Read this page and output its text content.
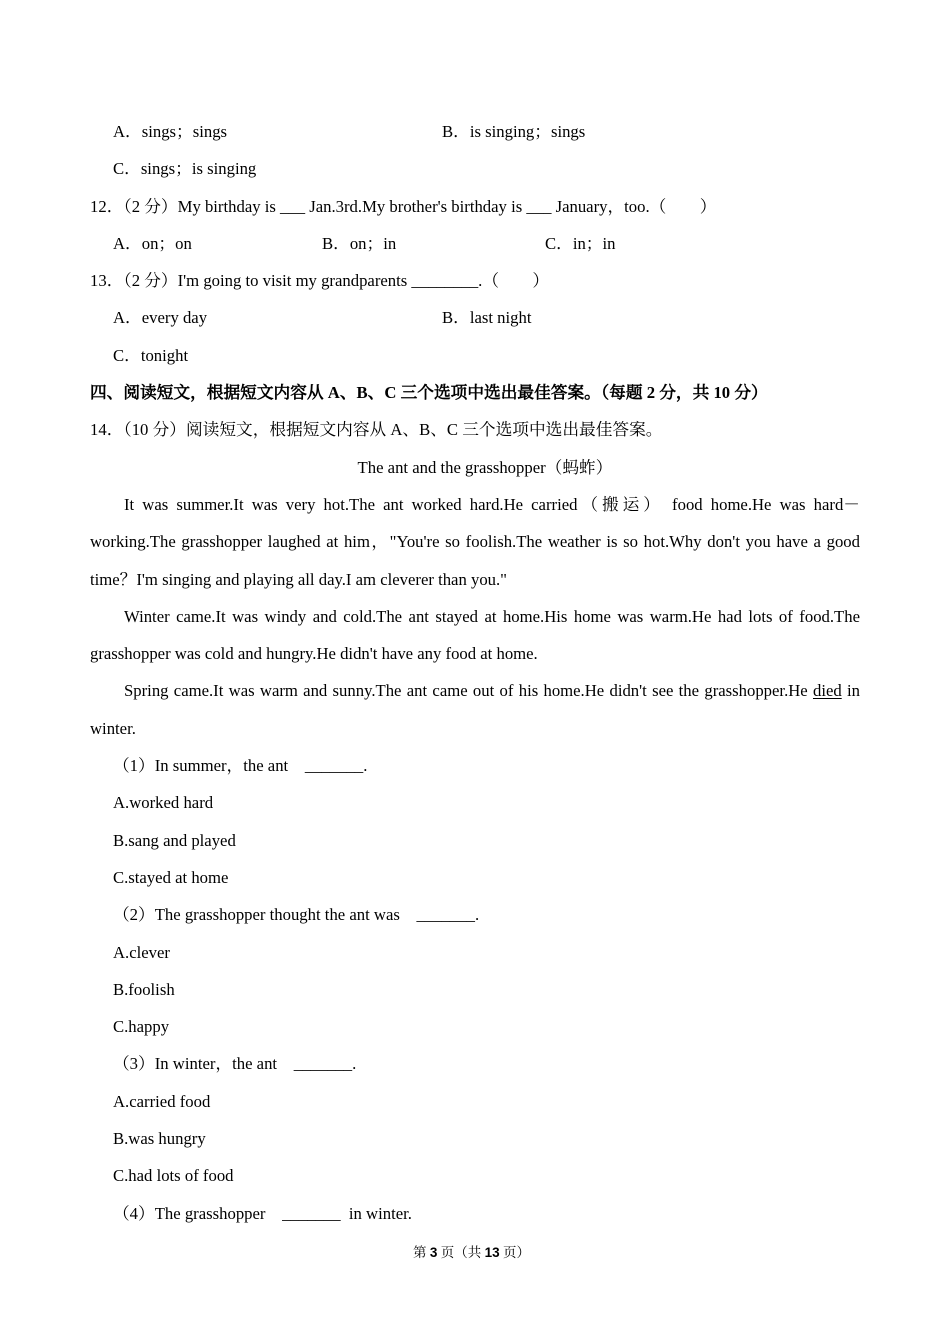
A．sings；sings	B．is singing；sings
C．sings；is singing
12．（2 分）My birthday is ___ Jan.3rd.My brother's birthday is ___ January，too.（　　）
A．on；on	B．on；in	C．in；in
13．（2 分）I'm going to visit my grandparents ________.（　　）
A．every day	B．last night
C．tonight
四、阅读短文，根据短文内容从 A、B、C 三个选项中选出最佳答案。（每题 2 分，共 10 分）
14．（10 分）阅读短文，根据短文内容从 A、B、C 三个选项中选出最佳答案。
The ant and the grasshopper（蚂蚱）
It was summer.It was very hot.The ant worked hard.He carried（搬运） food home.He was hard－
working.The grasshopper laughed at him，"You're so foolish.The weather is so hot.Why don't you have a good
time？I'm singing and playing all day.I am cleverer than you."
Winter came.It was windy and cold.The ant stayed at home.His home was warm.He had lots of food.The
grasshopper was cold and hungry.He didn't have any food at home.
Spring came.It was warm and sunny.The ant came out of his home.He didn't see the grasshopper.He died in
winter.
（1）In summer，the ant　_______.
A.worked hard
B.sang and played
C.stayed at home
（2）The grasshopper thought the ant was　_______.
A.clever
B.foolish
C.happy
（3）In winter，the ant　_______.
A.carried food
B.was hungry
C.had lots of food
（4）The grasshopper　_______  in winter.
第 3 页（共 13 页）
